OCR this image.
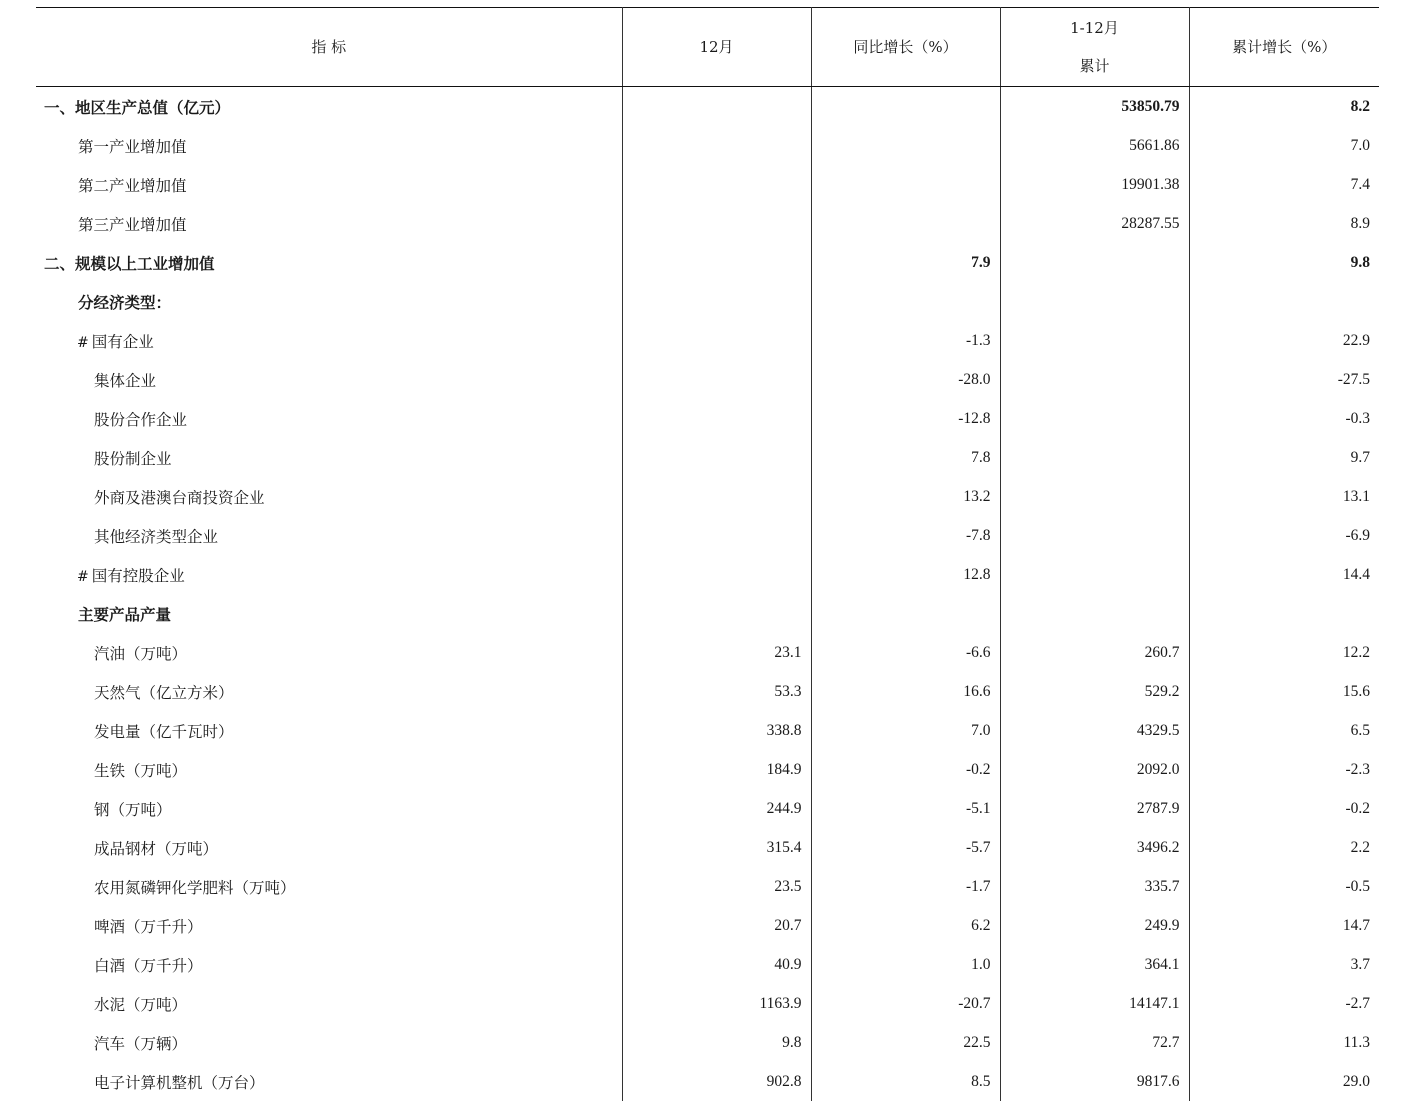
指 标	12月	同比增长（%）	1-12月
累计	累计增长（%）
一、地区生产总值（亿元）			53850.79	8.2
第一产业增加值			5661.86	7.0
第二产业增加值			19901.38	7.4
第三产业增加值			28287.55	8.9
二、规模以上工业增加值		7.9		9.8
分经济类型：				
# 国有企业		-1.3		22.9
集体企业		-28.0		-27.5
股份合作企业		-12.8		-0.3
股份制企业		7.8		9.7
外商及港澳台商投资企业		13.2		13.1
其他经济类型企业		-7.8		-6.9
# 国有控股企业		12.8		14.4
主要产品产量				
汽油（万吨）	23.1	-6.6	260.7	12.2
天然气（亿立方米）	53.3	16.6	529.2	15.6
发电量（亿千瓦时）	338.8	7.0	4329.5	6.5
生铁（万吨）	184.9	-0.2	2092.0	-2.3
钢（万吨）	244.9	-5.1	2787.9	-0.2
成品钢材（万吨）	315.4	-5.7	3496.2	2.2
农用氮磷钾化学肥料（万吨）	23.5	-1.7	335.7	-0.5
啤酒（万千升）	20.7	6.2	249.9	14.7
白酒（万千升）	40.9	1.0	364.1	3.7
水泥（万吨）	1163.9	-20.7	14147.1	-2.7
汽车（万辆）	9.8	22.5	72.7	11.3
电子计算机整机（万台）	902.8	8.5	9817.6	29.0
